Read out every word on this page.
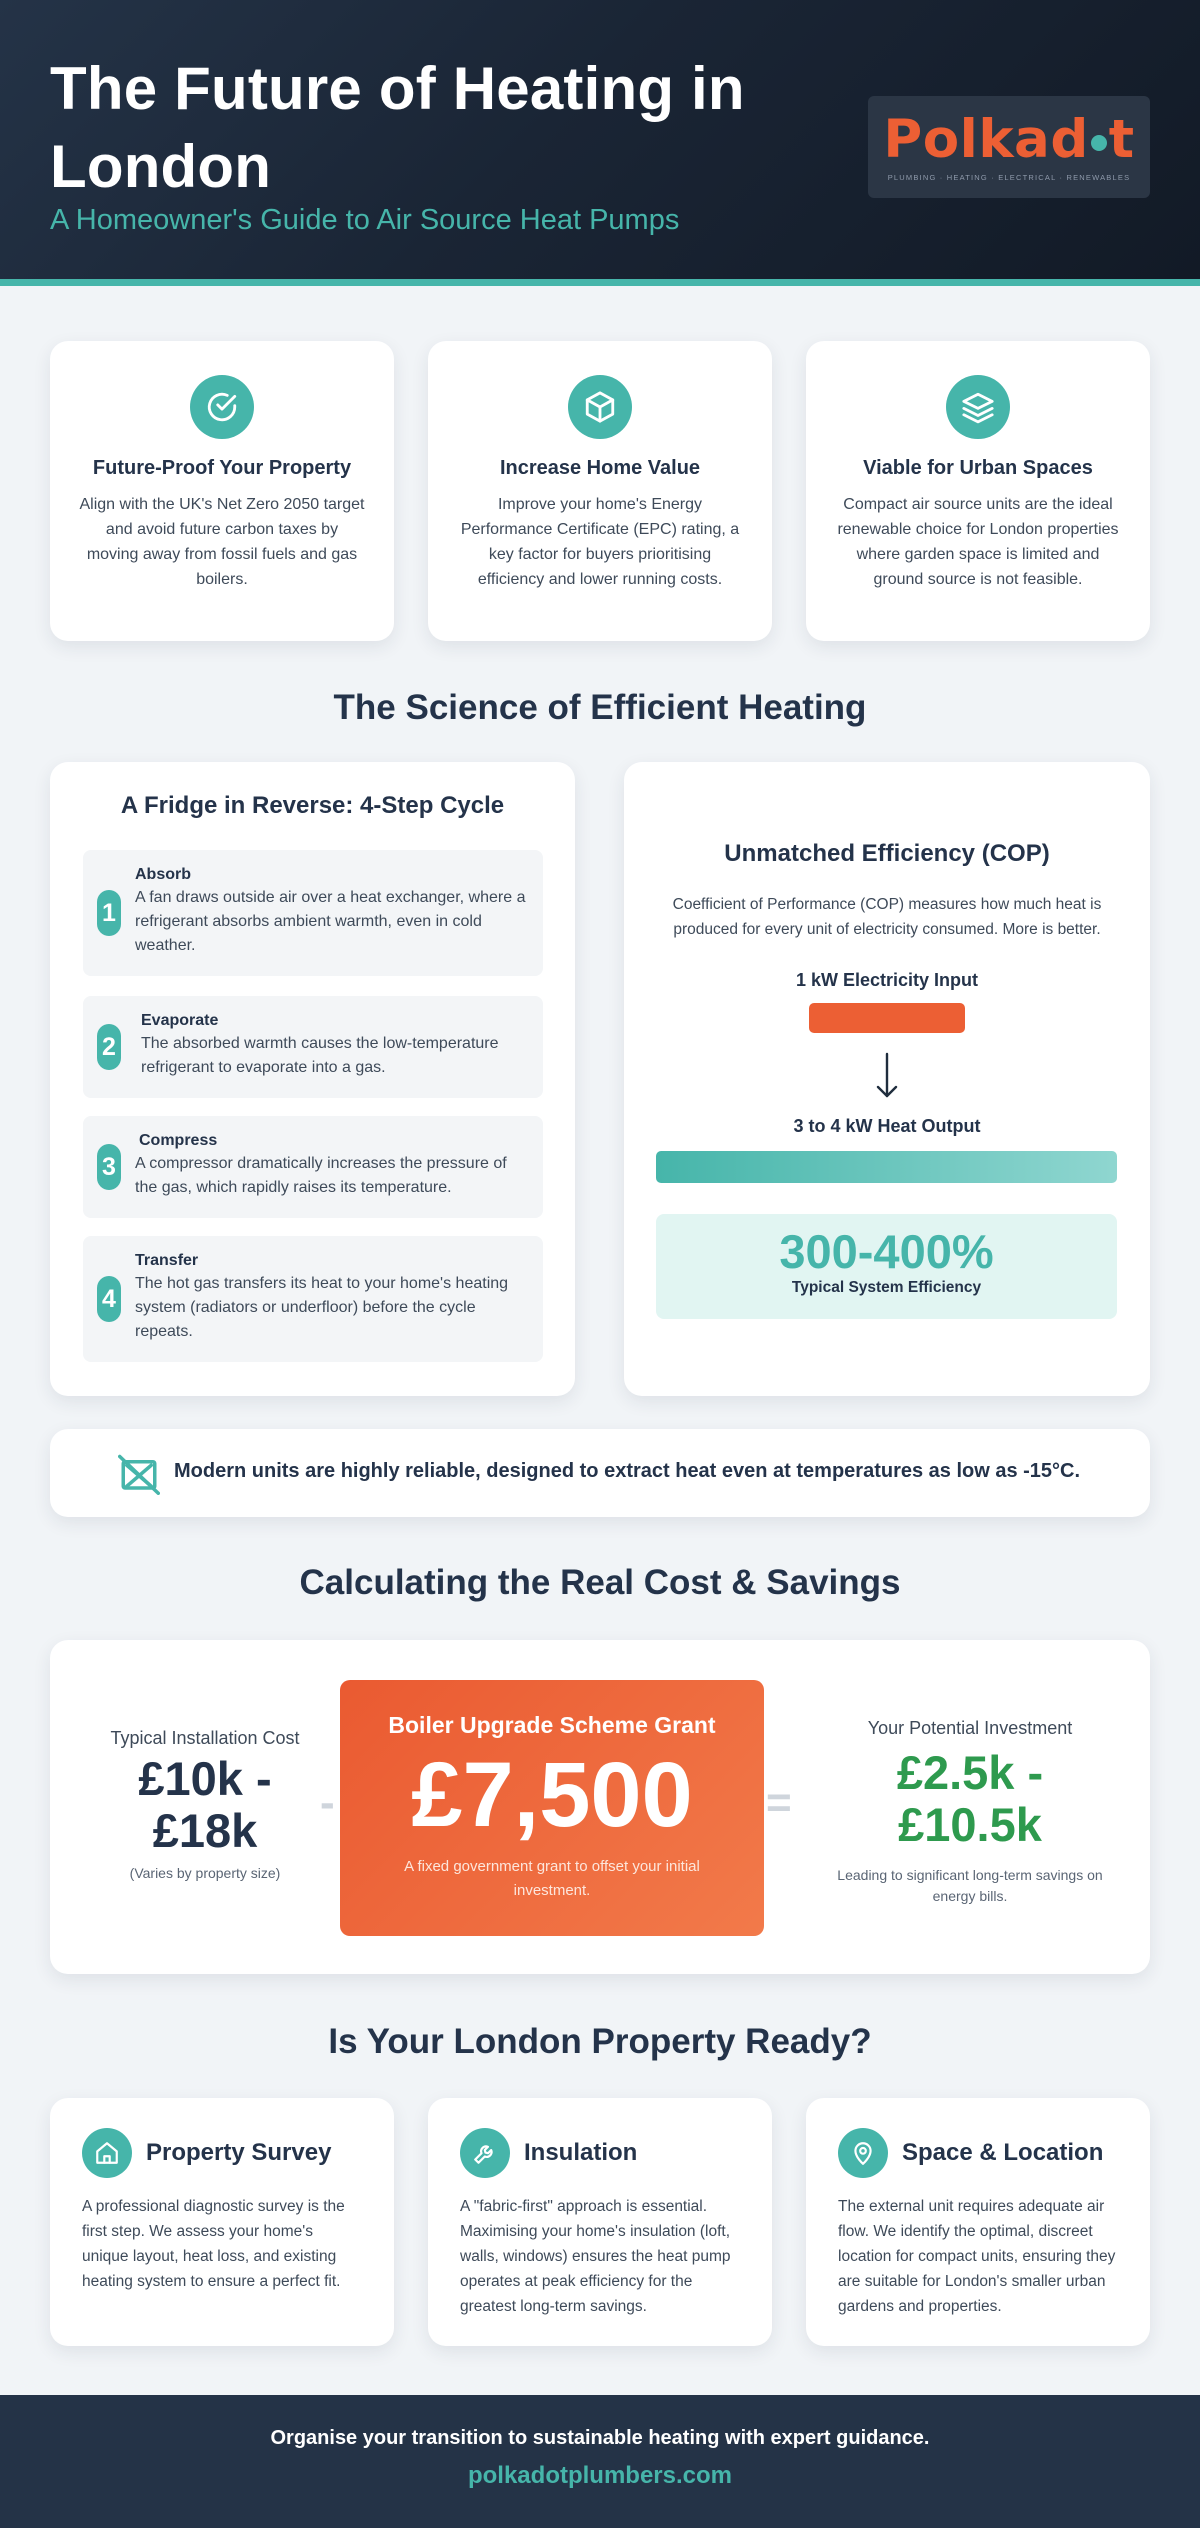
The Future of Heating in London
A Homeowner's Guide to Air Source Heat Pumps
Polkad t
PLUMBING · HEATING · ELECTRICAL · RENEWABLES
Future-Proof Your Property
Align with the UK's Net Zero 2050 target and avoid future carbon taxes by moving away from fossil fuels and gas boilers.
Increase Home Value
Improve your home's Energy Performance Certificate (EPC) rating, a key factor for buyers prioritising efficiency and lower running costs.
Viable for Urban Spaces
Compact air source units are the ideal renewable choice for London properties where garden space is limited and ground source is not feasible.
The Science of Efficient Heating
A Fridge in Reverse: 4-Step Cycle
1
Absorb
A fan draws outside air over a heat exchanger, where a refrigerant absorbs ambient warmth, even in cold weather.
2
Evaporate
The absorbed warmth causes the low-temperature refrigerant to evaporate into a gas.
3
Compress
A compressor dramatically increases the pressure of the gas, which rapidly raises its temperature.
4
Transfer
The hot gas transfers its heat to your home's heating system (radiators or underfloor) before the cycle repeats.
Unmatched Efficiency (COP)
Coefficient of Performance (COP) measures how much heat is produced for every unit of electricity consumed. More is better.
1 kW Electricity Input
3 to 4 kW Heat Output
300-400%
Typical System Efficiency
Modern units are highly reliable, designed to extract heat even at temperatures as low as -15°C.
Calculating the Real Cost & Savings
Typical Installation Cost
£10k - £18k
(Varies by property size)
-
Boiler Upgrade Scheme Grant
£7,500
A fixed government grant to offset your initial investment.
=
Your Potential Investment
£2.5k - £10.5k
Leading to significant long-term savings on energy bills.
Is Your London Property Ready?
Property Survey
A professional diagnostic survey is the first step. We assess your home's unique layout, heat loss, and existing heating system to ensure a perfect fit.
Insulation
A "fabric-first" approach is essential. Maximising your home's insulation (loft, walls, windows) ensures the heat pump operates at peak efficiency for the greatest long-term savings.
Space & Location
The external unit requires adequate air flow. We identify the optimal, discreet location for compact units, ensuring they are suitable for London's smaller urban gardens and properties.
Organise your transition to sustainable heating with expert guidance.
polkadotplumbers.com
